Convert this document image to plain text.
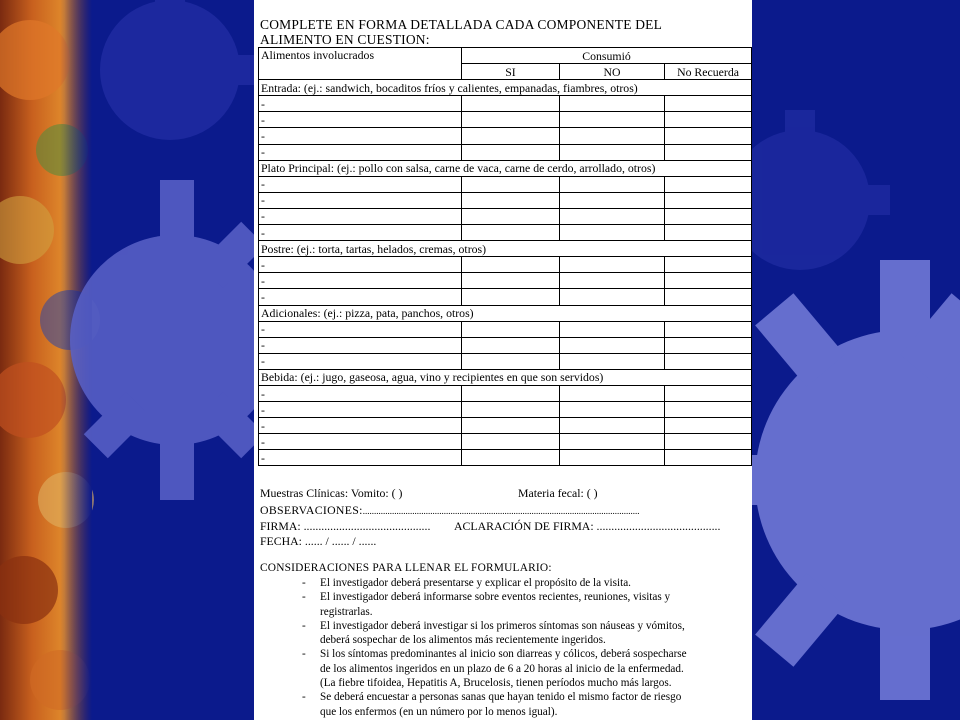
COMPLETE EN FORMA DETALLADA CADA COMPONENTE DEL
ALIMENTO EN CUESTION:
Alimentos involucrados	Consumió		
	SI	NO	No Recuerda
Entrada: (ej.: sandwich, bocaditos fríos y calientes, empanadas, fiambres, otros)			
-			
-			
-			
-			
Plato Principal: (ej.: pollo con salsa, carne de vaca, carne de cerdo, arrollado, otros)			
-			
-			
-			
-			
Postre: (ej.: torta, tartas, helados, cremas, otros)			
-			
-			
-			
Adicionales: (ej.: pizza, pata, panchos, otros)			
-			
-			
-			
Bebida: (ej.: jugo, gaseosa, agua, vino y recipientes en que son servidos)			
-			
-			
-			
-			
-			
Muestras Clínicas: Vomito: ( )	Materia fecal: ( )
OBSERVACIONES:...........................................................................................................................
FIRMA: ........................................... ACLARACIÓN DE FIRMA: ..........................................
FECHA: ...... / ...... / ......
CONSIDERACIONES PARA LLENAR EL FORMULARIO:
- El investigador deberá presentarse y explicar el propósito de la visita.
- El investigador deberá informarse sobre eventos recientes, reuniones, visitas y
registrarlas.
- El investigador deberá investigar si los primeros síntomas son náuseas y vómitos,
deberá sospechar de los alimentos más recientemente ingeridos.
- Si los síntomas predominantes al inicio son diarreas y cólicos, deberá sospecharse
de los alimentos ingeridos en un plazo de 6 a 20 horas al inicio de la enfermedad.
(La fiebre tifoidea, Hepatitis A, Brucelosis, tienen períodos mucho más largos.
- Se deberá encuestar a personas sanas que hayan tenido el mismo factor de riesgo
que los enfermos (en un número por lo menos igual).
